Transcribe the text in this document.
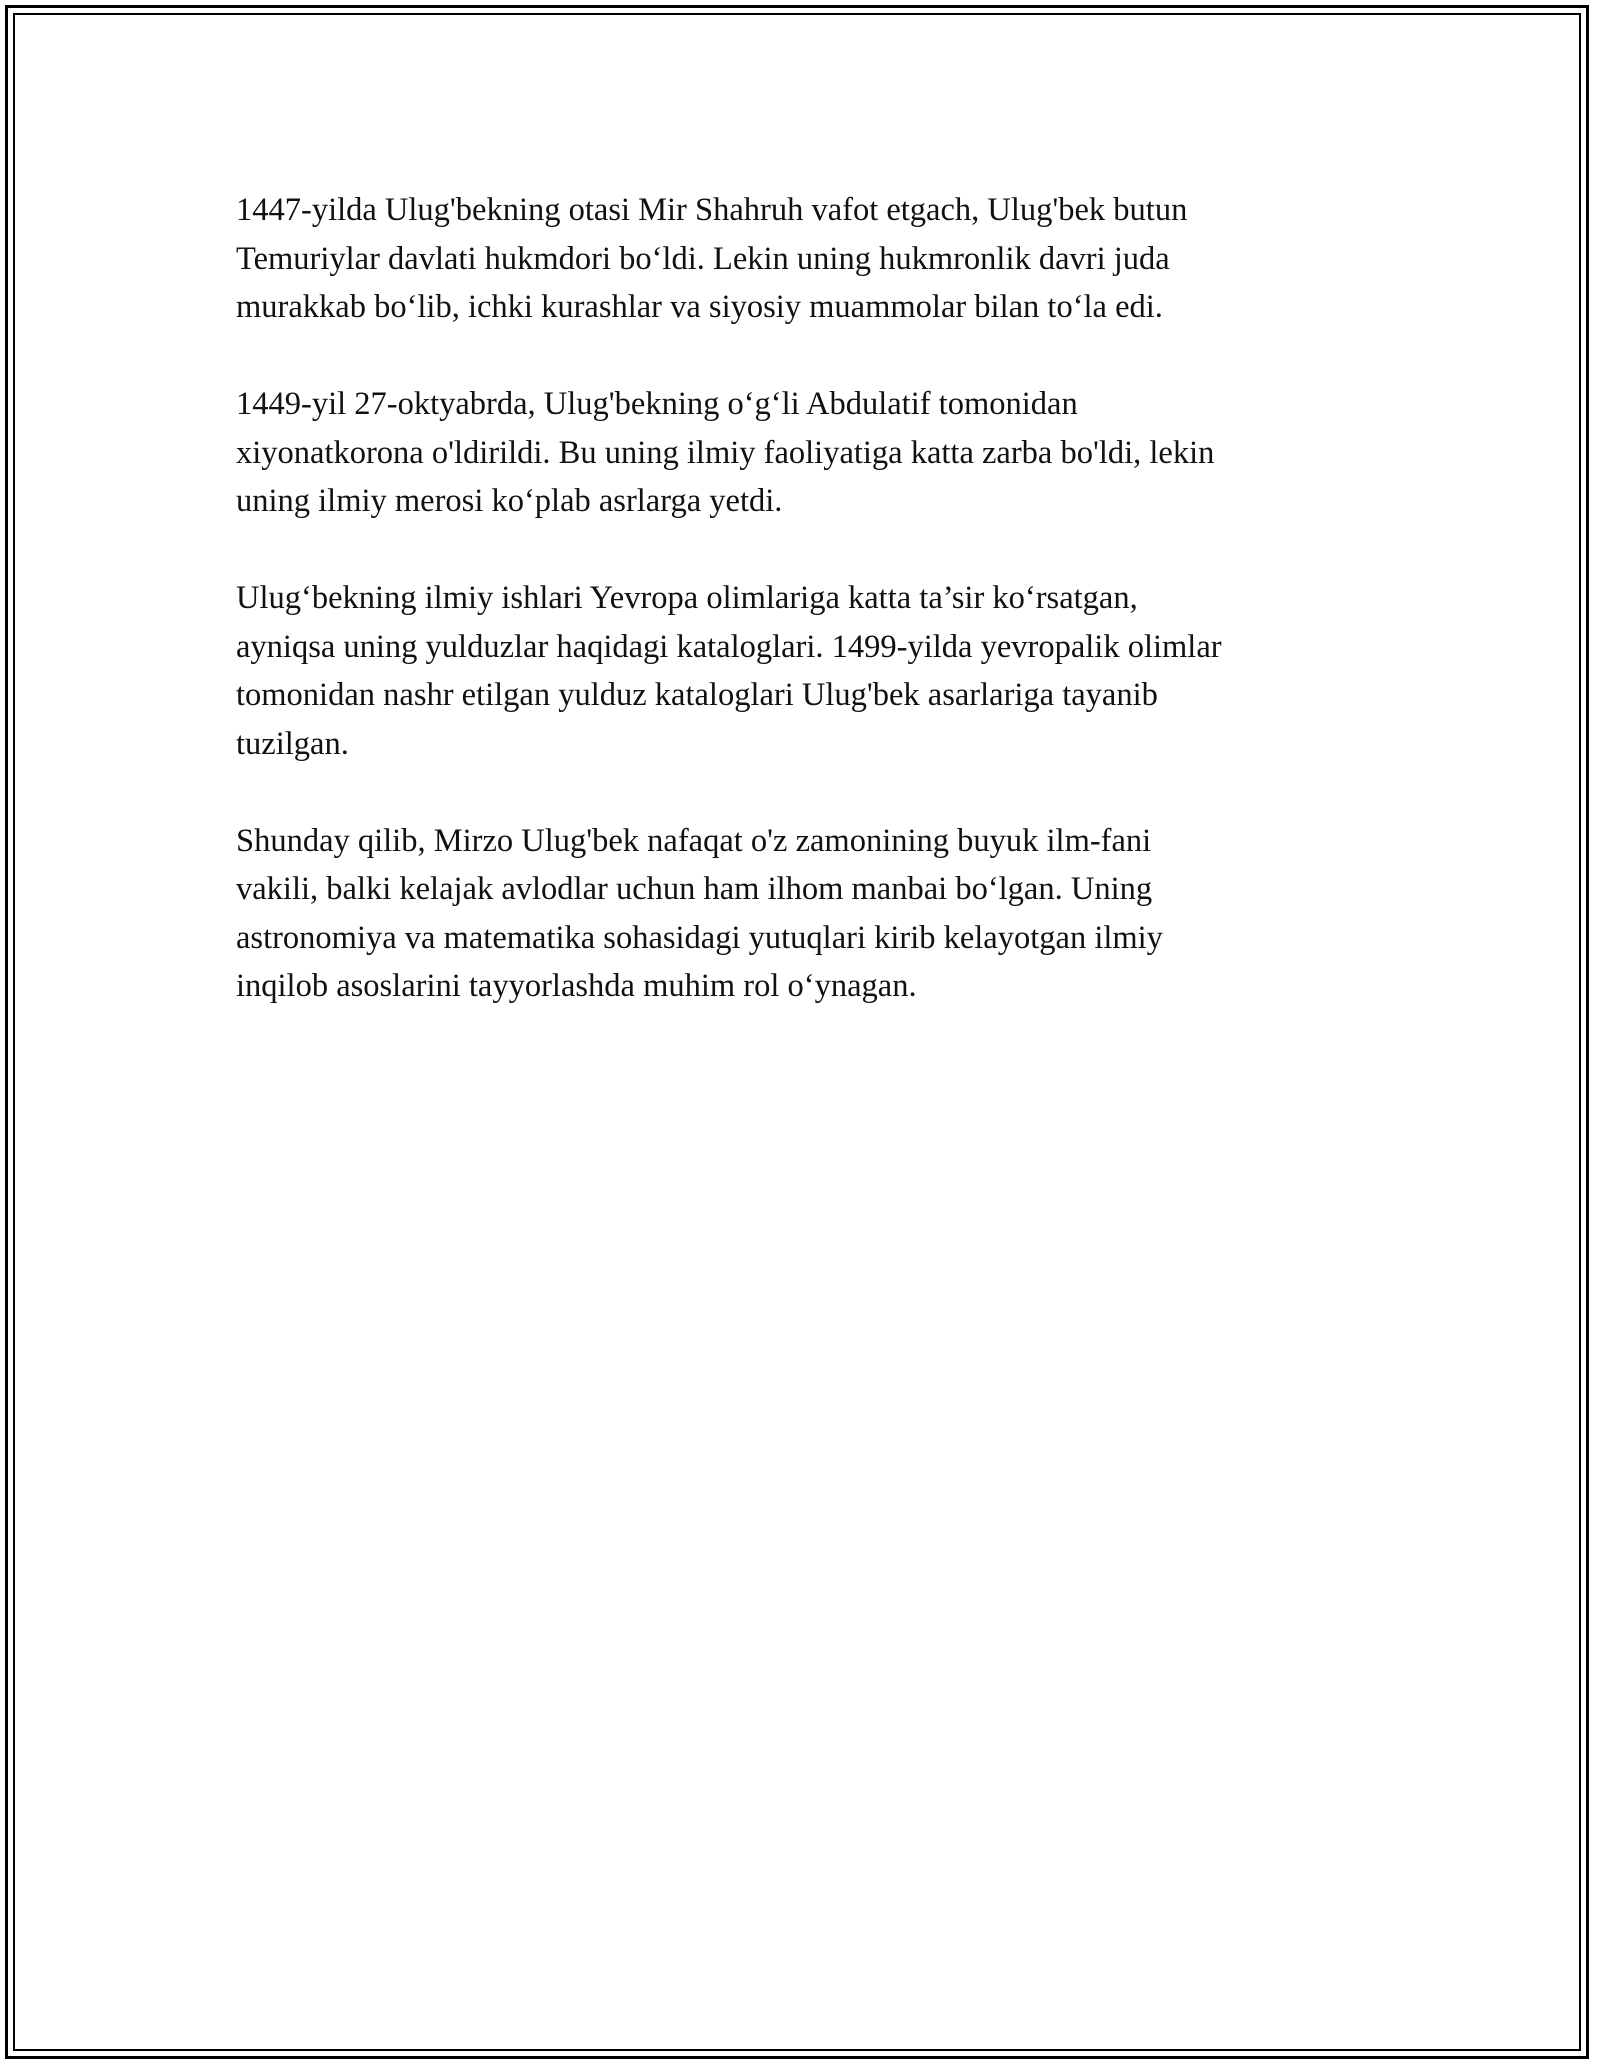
1447-yilda Ulug'bekning otasi Mir Shahruh vafot etgach, Ulug'bek butun
Temuriylar davlati hukmdori bo‘ldi. Lekin uning hukmronlik davri juda
murakkab bo‘lib, ichki kurashlar va siyosiy muammolar bilan to‘la edi.

1449-yil 27-oktyabrda, Ulug'bekning o‘g‘li Abdulatif tomonidan
xiyonatkorona o'ldirildi. Bu uning ilmiy faoliyatiga katta zarba bo'ldi, lekin
uning ilmiy merosi ko‘plab asrlarga yetdi.

Ulug‘bekning ilmiy ishlari Yevropa olimlariga katta ta’sir ko‘rsatgan,
ayniqsa uning yulduzlar haqidagi kataloglari. 1499-yilda yevropalik olimlar
tomonidan nashr etilgan yulduz kataloglari Ulug'bek asarlariga tayanib
tuzilgan.

Shunday qilib, Mirzo Ulug'bek nafaqat o'z zamonining buyuk ilm-fani
vakili, balki kelajak avlodlar uchun ham ilhom manbai bo‘lgan. Uning
astronomiya va matematika sohasidagi yutuqlari kirib kelayotgan ilmiy
inqilob asoslarini tayyorlashda muhim rol o‘ynagan.
